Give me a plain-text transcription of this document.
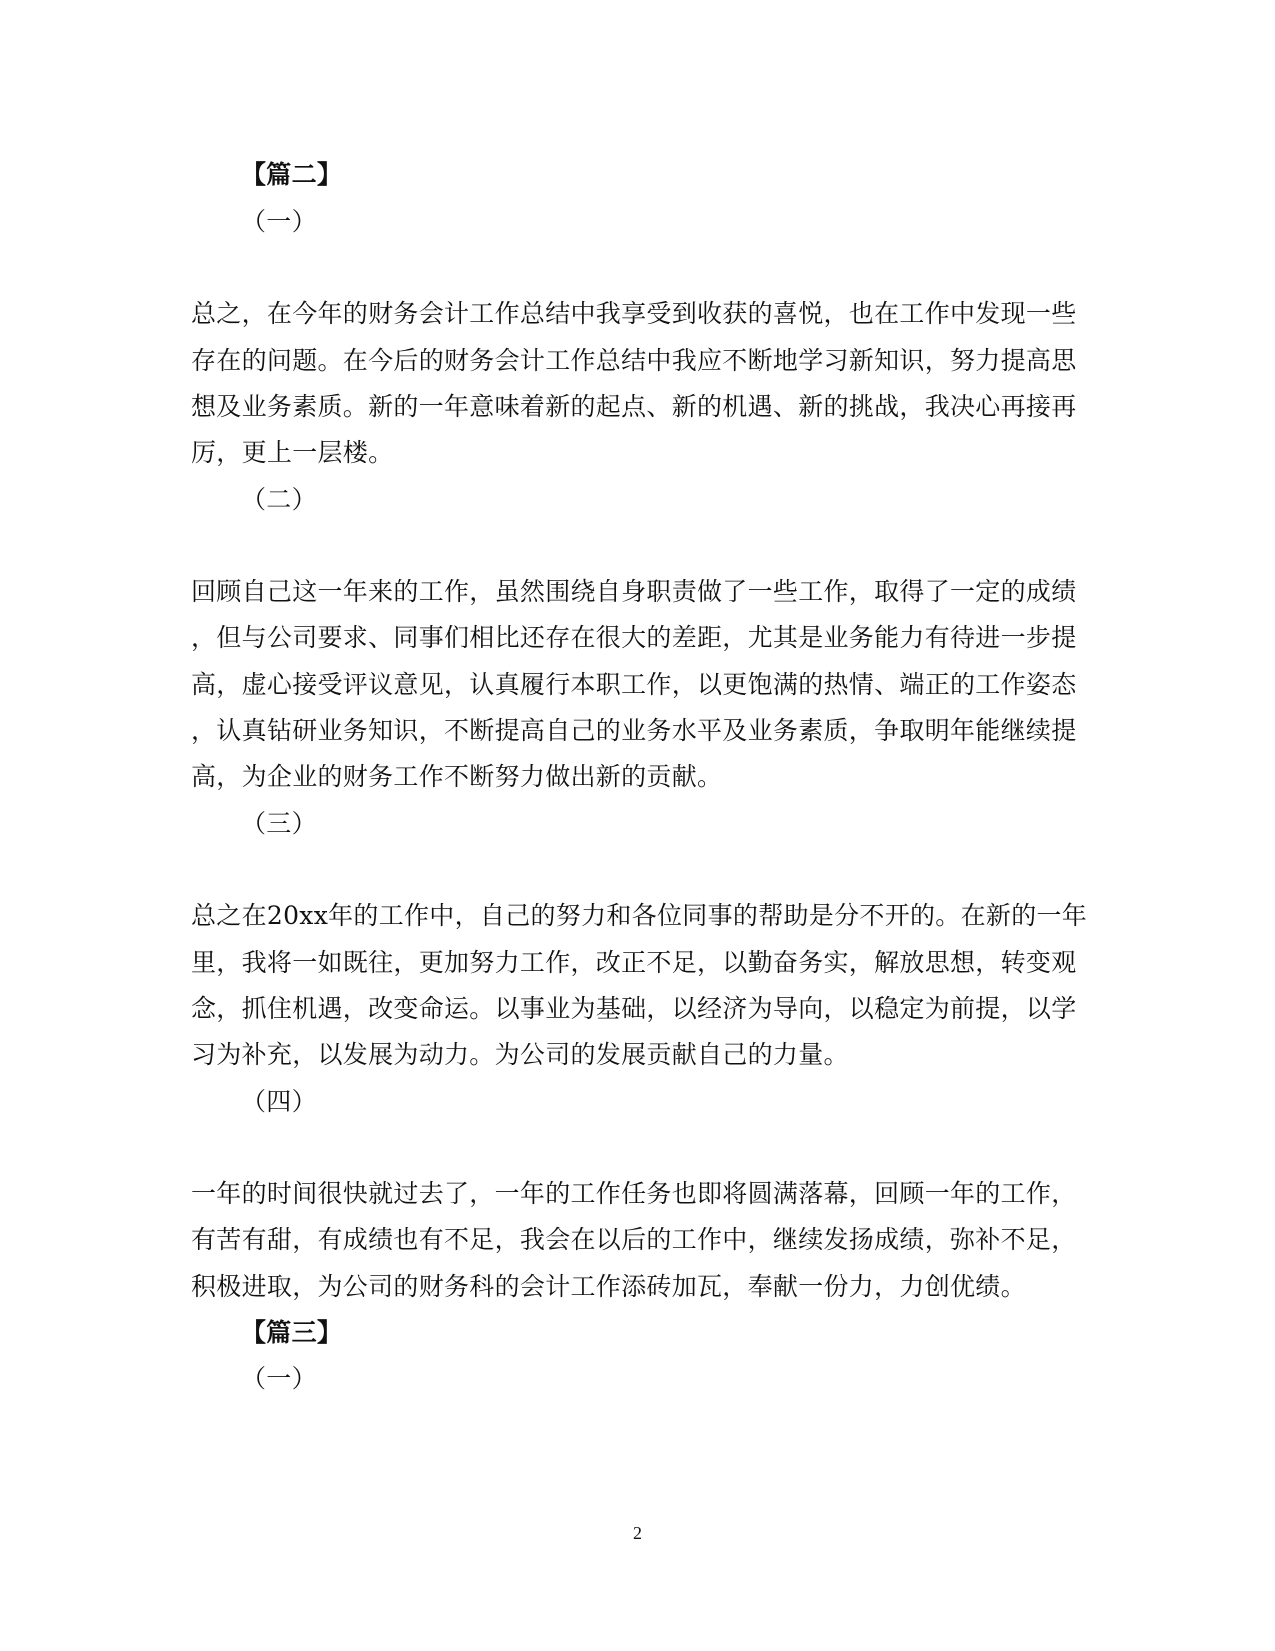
【篇二】
（一）
总之，在今年的财务会计工作总结中我享受到收获的喜悦，也在工作中发现一些
存在的问题。在今后的财务会计工作总结中我应不断地学习新知识，努力提高思
想及业务素质。新的一年意味着新的起点、新的机遇、新的挑战，我决心再接再
厉，更上一层楼。
（二）
回顾自己这一年来的工作，虽然围绕自身职责做了一些工作，取得了一定的成绩
，但与公司要求、同事们相比还存在很大的差距，尤其是业务能力有待进一步提
高，虚心接受评议意见，认真履行本职工作，以更饱满的热情、端正的工作姿态
，认真钻研业务知识，不断提高自己的业务水平及业务素质，争取明年能继续提
高，为企业的财务工作不断努力做出新的贡献。
（三）
总之在20xx年的工作中，自己的努力和各位同事的帮助是分不开的。在新的一年
里，我将一如既往，更加努力工作，改正不足，以勤奋务实，解放思想，转变观
念，抓住机遇，改变命运。以事业为基础，以经济为导向，以稳定为前提，以学
习为补充，以发展为动力。为公司的发展贡献自己的力量。
（四）
一年的时间很快就过去了，一年的工作任务也即将圆满落幕，回顾一年的工作，
有苦有甜，有成绩也有不足，我会在以后的工作中，继续发扬成绩，弥补不足，
积极进取，为公司的财务科的会计工作添砖加瓦，奉献一份力，力创优绩。
【篇三】
（一）
2
